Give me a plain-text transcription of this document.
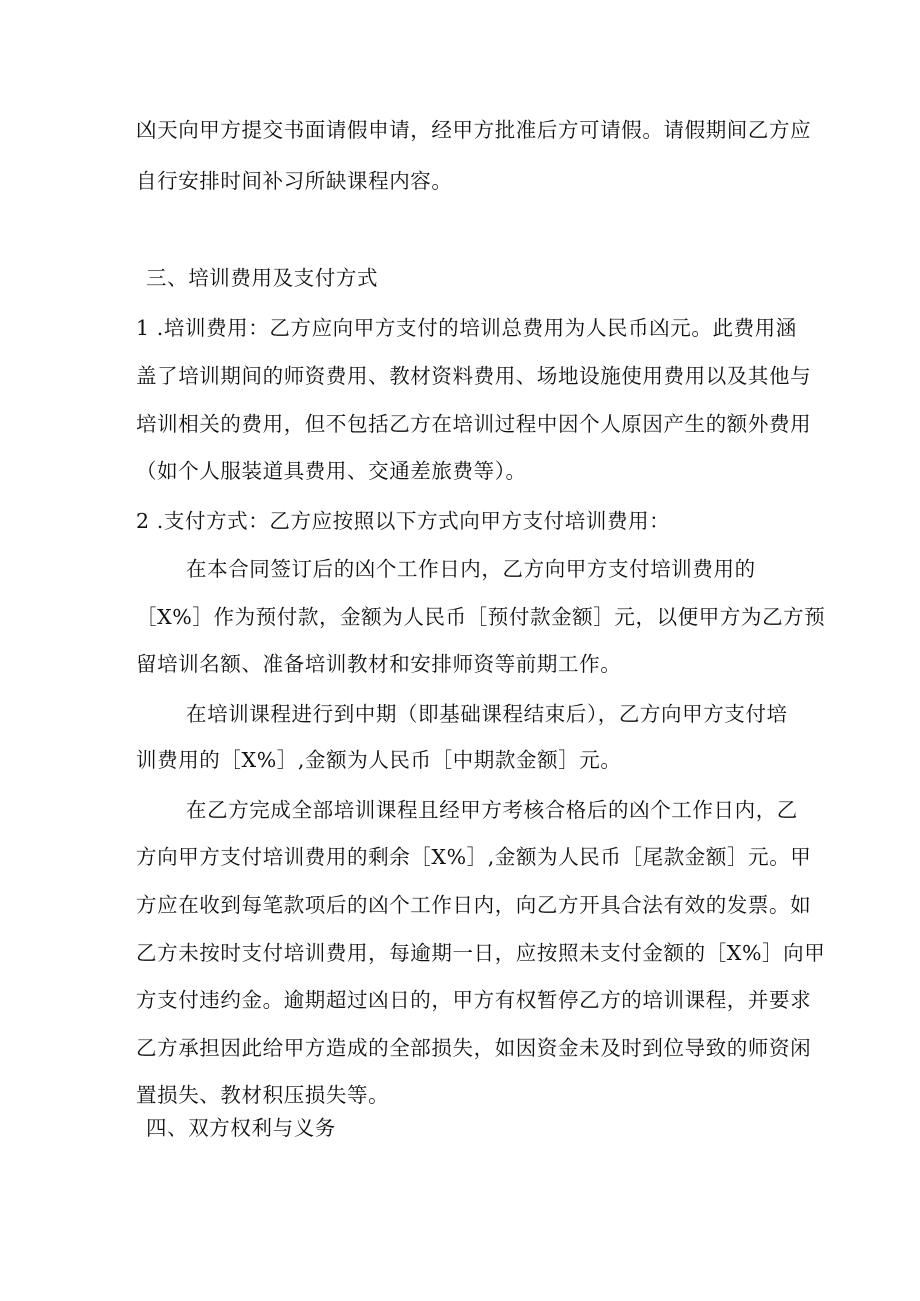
凶天向甲方提交书面请假申请，经甲方批准后方可请假。请假期间乙方应
自行安排时间补习所缺课程内容。
三、培训费用及支付方式
1 .培训费用：乙方应向甲方支付的培训总费用为人民币凶元。此费用涵
盖了培训期间的师资费用、教材资料费用、场地设施使用费用以及其他与
培训相关的费用，但不包括乙方在培训过程中因个人原因产生的额外费用
（如个人服装道具费用、交通差旅费等）。
2 .支付方式：乙方应按照以下方式向甲方支付培训费用：
在本合同签订后的凶个工作日内，乙方向甲方支付培训费用的
［X%］作为预付款，金额为人民币［预付款金额］元，以便甲方为乙方预
留培训名额、准备培训教材和安排师资等前期工作。
在培训课程进行到中期（即基础课程结束后），乙方向甲方支付培
训费用的［X%］,金额为人民币［中期款金额］元。
在乙方完成全部培训课程且经甲方考核合格后的凶个工作日内，乙
方向甲方支付培训费用的剩余［X%］,金额为人民币［尾款金额］元。甲
方应在收到每笔款项后的凶个工作日内，向乙方开具合法有效的发票。如
乙方未按时支付培训费用，每逾期一日，应按照未支付金额的［X%］向甲
方支付违约金。逾期超过凶日的，甲方有权暂停乙方的培训课程，并要求
乙方承担因此给甲方造成的全部损失，如因资金未及时到位导致的师资闲
置损失、教材积压损失等。
四、双方权利与义务
